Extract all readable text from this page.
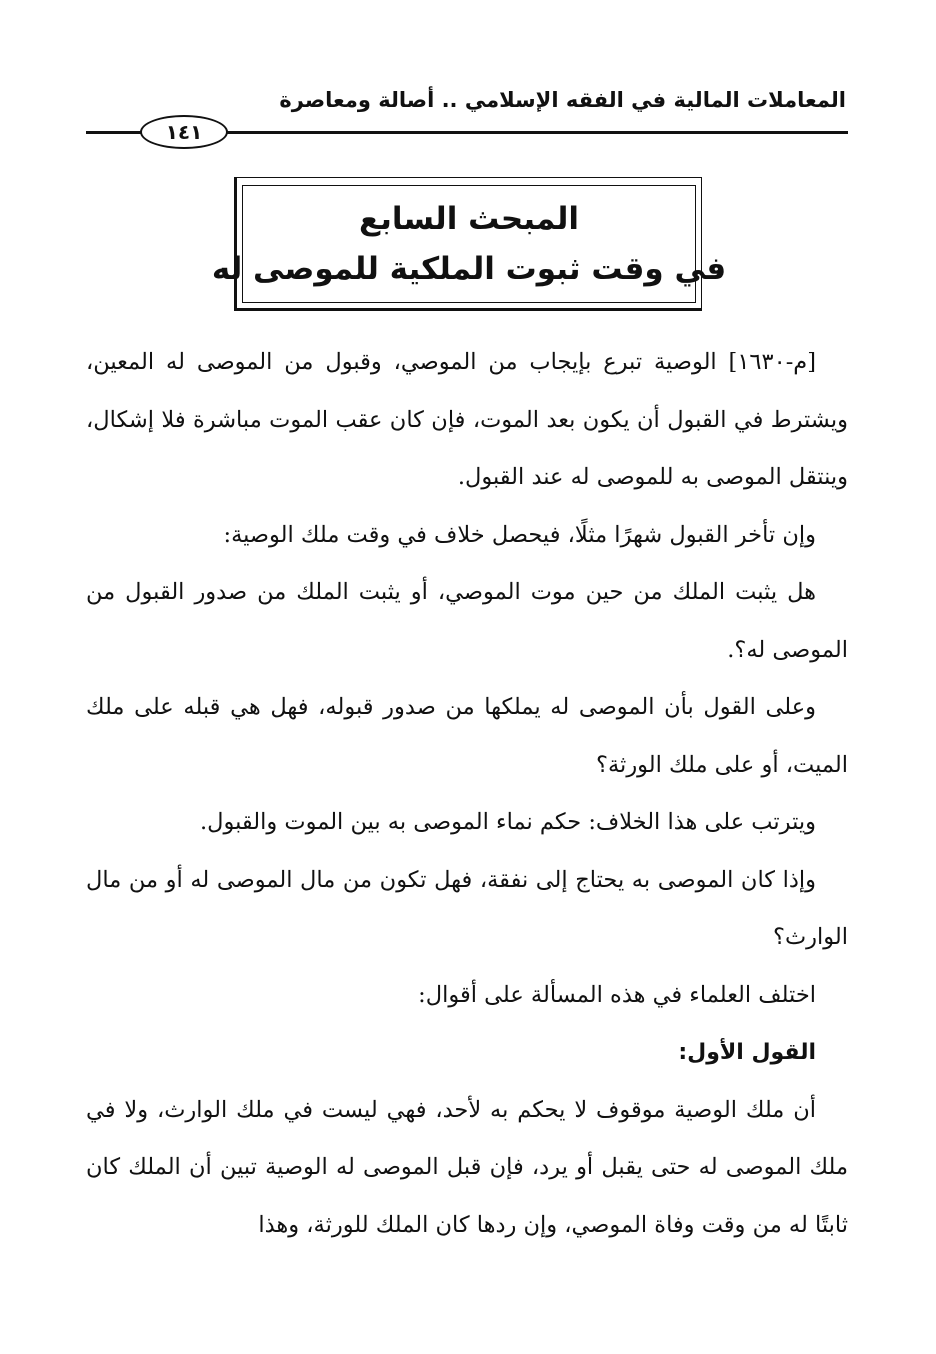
المعاملات المالية في الفقه الإسلامي .. أصالة ومعاصرة
١٤١
المبحث السابع
في وقت ثبوت الملكية للموصى له

[م-١٦٣٠] الوصية تبرع بإيجاب من الموصي، وقبول من الموصى له المعين، ويشترط في القبول أن يكون بعد الموت، فإن كان عقب الموت مباشرة فلا إشكال، وينتقل الموصى به للموصى له عند القبول.

وإن تأخر القبول شهرًا مثلًا، فيحصل خلاف في وقت ملك الوصية:

هل يثبت الملك من حين موت الموصي، أو يثبت الملك من صدور القبول من الموصى له؟.

وعلى القول بأن الموصى له يملكها من صدور قبوله، فهل هي قبله على ملك الميت، أو على ملك الورثة؟

ويترتب على هذا الخلاف: حكم نماء الموصى به بين الموت والقبول.

وإذا كان الموصى به يحتاج إلى نفقة، فهل تكون من مال الموصى له أو من مال الوارث؟

اختلف العلماء في هذه المسألة على أقوال:

القول الأول:

أن ملك الوصية موقوف لا يحكم به لأحد، فهي ليست في ملك الوارث، ولا في ملك الموصى له حتى يقبل أو يرد، فإن قبل الموصى له الوصية تبين أن الملك كان ثابتًا له من وقت وفاة الموصي، وإن ردها كان الملك للورثة، وهذا
